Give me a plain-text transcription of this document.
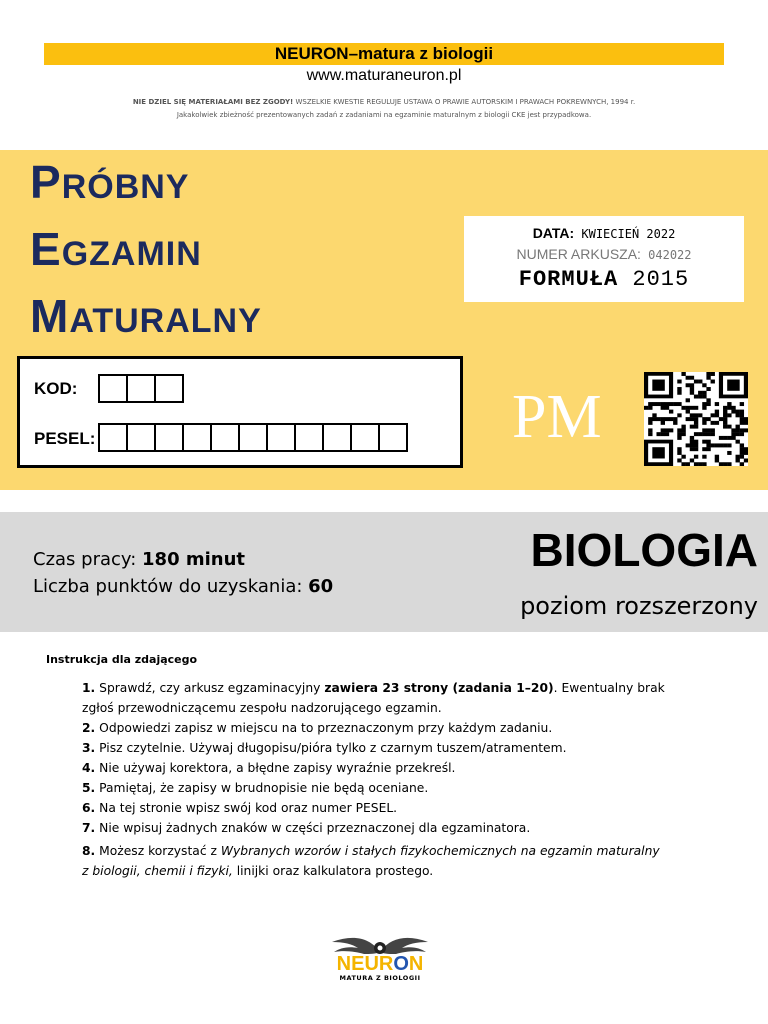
NEURON–matura z biologii
www.maturaneuron.pl
NIE DZIEL SIĘ MATERIAŁAMI BEZ ZGODY! WSZELKIE KWESTIE REGULUJE USTAWA O PRAWIE AUTORSKIM I PRAWACH POKREWNYCH, 1994 r.
Jakakolwiek zbieżność prezentowanych zadań z zadaniami na egzaminie maturalnym z biologii CKE jest przypadkowa.
PRÓBNY
EGZAMIN
MATURALNY
DATA: KWIECIEŃ 2022
NUMER ARKUSZA: 042022
FORMUŁA 2015
KOD:
PESEL:	PM
Czas pracy: 180 minut
Liczba punktów do uzyskania: 60
BIOLOGIA
poziom rozszerzony
Instrukcja dla zdającego
1. Sprawdź, czy arkusz egzaminacyjny zawiera 23 strony (zadania 1–20). Ewentualny brak
zgłoś przewodniczącemu zespołu nadzorującego egzamin.
2. Odpowiedzi zapisz w miejscu na to przeznaczonym przy każdym zadaniu.
3. Pisz czytelnie. Używaj długopisu/pióra tylko z czarnym tuszem/atramentem.
4. Nie używaj korektora, a błędne zapisy wyraźnie przekreśl.
5. Pamiętaj, że zapisy w brudnopisie nie będą oceniane.
6. Na tej stronie wpisz swój kod oraz numer PESEL.
7. Nie wpisuj żadnych znaków w części przeznaczonej dla egzaminatora.
8. Możesz korzystać z Wybranych wzorów i stałych fizykochemicznych na egzamin maturalny
z biologii, chemii i fizyki, linijki oraz kalkulatora prostego.
NEURON
MATURA Z BIOLOGII
